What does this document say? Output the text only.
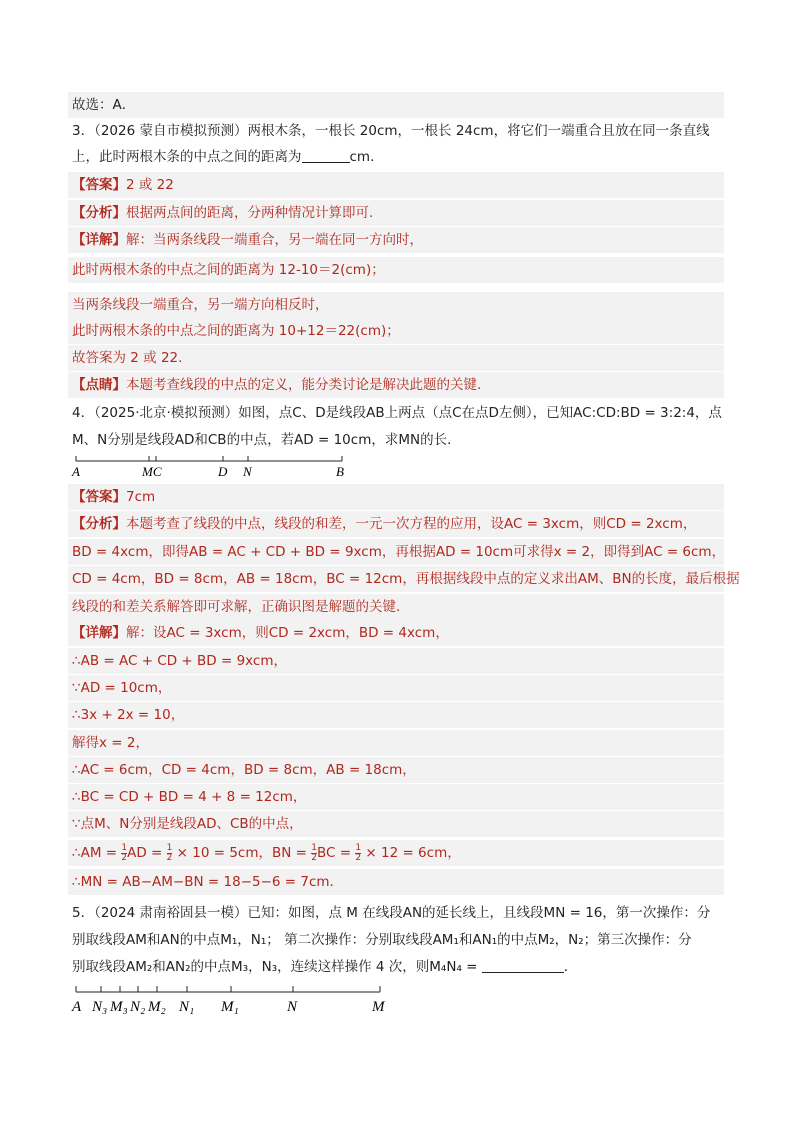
故选：A．
3．（2026 蒙自市模拟预测）两根木条，一根长 20cm，一根长 24cm，将它们一端重合且放在同一条直线
上，此时两根木条的中点之间的距离为	cm．
【答案】2 或 22
【分析】根据两点间的距离，分两种情况计算即可.
【详解】解：当两条线段一端重合，另一端在同一方向时，
此时两根木条的中点之间的距离为 12-10＝2(cm)；
当两条线段一端重合，另一端方向相反时，
此时两根木条的中点之间的距离为 10+12＝22(cm)；
故答案为 2 或 22.
【点睛】本题考查线段的中点的定义，能分类讨论是解决此题的关键.
4．（2025·北京·模拟预测）如图，点C、D是线段AB上两点（点C在点D左侧），已知AC:CD:BD = 3:2:4，点
M、N分别是线段AD和CB的中点，若AD = 10cm，求MN的长．
A	MC	D N	B
A N₃ M₃ N₂ M₂ N₁ M₁	N	M
【答案】7cm
【分析】本题考查了线段的中点，线段的和差，一元一次方程的应用，设AC = 3xcm，则CD = 2xcm，
BD = 4xcm，即得AB = AC + CD + BD = 9xcm，再根据AD = 10cm可求得x = 2，即得到AC = 6cm，
CD = 4cm，BD = 8cm，AB = 18cm，BC = 12cm，再根据线段中点的定义求出AM、BN的长度，最后根据
线段的和差关系解答即可求解，正确识图是解题的关键．
【详解】解：设AC = 3xcm，则CD = 2xcm，BD = 4xcm，
∴AB = AC + CD + BD = 9xcm，
∵AD = 10cm，
∴3x + 2x = 10，
解得x = 2，
∴AC = 6cm，CD = 4cm，BD = 8cm，AB = 18cm，
∴BC = CD + BD = 4 + 8 = 12cm，
∵点M、N分别是线段AD、CB的中点，
∴AM = $\frac{1}{2}$ AD = $\frac{1}{2} \times 10 = 5cm$，BN = $\frac{1}{2}$ BC = $\frac{1}{2} \times 12 = 6cm$，
∴MN = AB−AM−BN = 18−5−6 = 7cm．
5．（2024 肃南裕固县一模）已知：如图，点 M 在线段AN的延长线上，且线段MN = 16，第一次操作：分
别取线段AM和AN的中点M₁，N₁； 第二次操作：分别取线段AM₁和AN₁的中点M₂，N₂；第三次操作：分
别取线段AM₂和AN₂的中点M₃，N₃，连续这样操作 4 次，则M₄N₄ =	．
